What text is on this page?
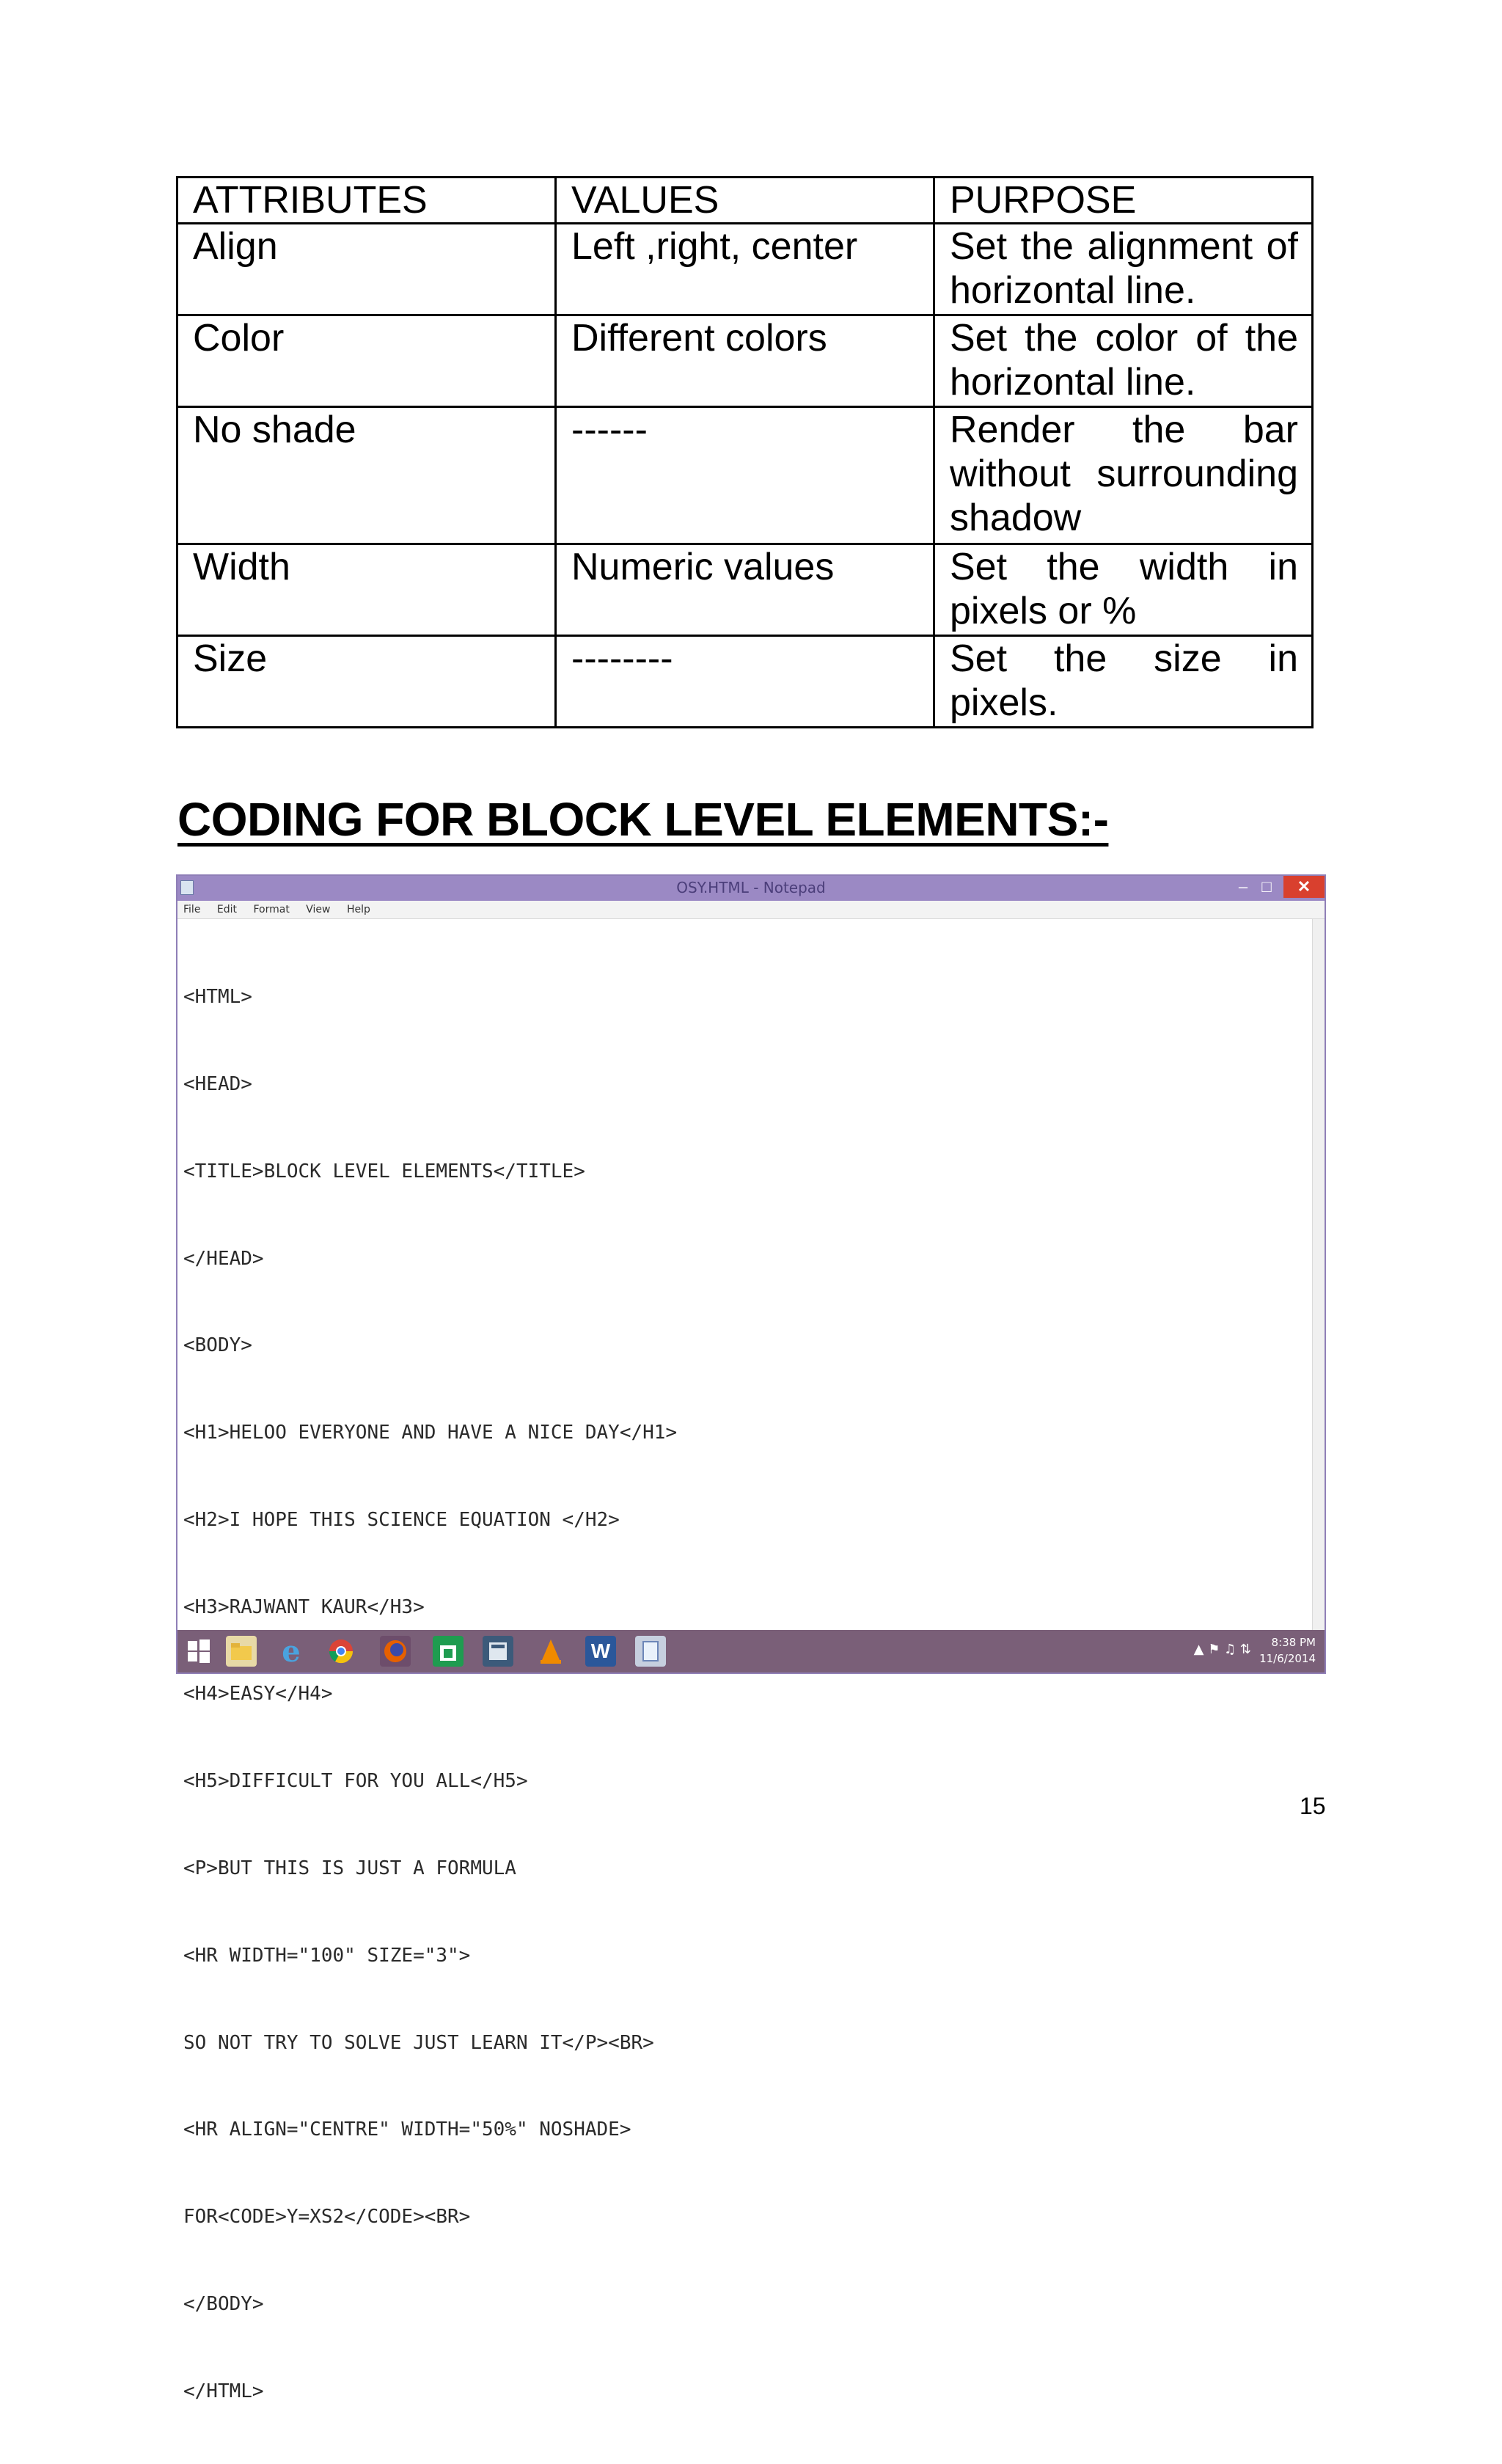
ATTRIBUTES	VALUES	PURPOSE
Align	Left ,right, center	Set the alignment of horizontal line.
Color	Different colors	Set the color of the horizontal line.
No shade	------	Render the bar without surrounding shadow
Width	Numeric values	Set the width in pixels or %
Size	--------	Set the size in pixels.
CODING FOR BLOCK LEVEL ELEMENTS:-
OSY.HTML - Notepad	– □	✕
File Edit Format View Help

<HTML>

<HEAD>

<TITLE>BLOCK LEVEL ELEMENTS</TITLE>

</HEAD>

<BODY>

<H1>HELOO EVERYONE AND HAVE A NICE DAY</H1>

<H2>I HOPE THIS SCIENCE EQUATION </H2>

<H3>RAJWANT KAUR</H3>

<H4>EASY</H4>

<H5>DIFFICULT FOR YOU ALL</H5>

<P>BUT THIS IS JUST A FORMULA

<HR WIDTH="100" SIZE="3">

SO NOT TRY TO SOLVE JUST LEARN IT</P><BR>

<HR ALIGN="CENTRE" WIDTH="50%" NOSHADE>

FOR<CODE>Y=XS2</CODE><BR>

</BODY>

</HTML>

e	W	▲ ⚑ ♫ ⇅	8:38 PM
11/6/2014
15
